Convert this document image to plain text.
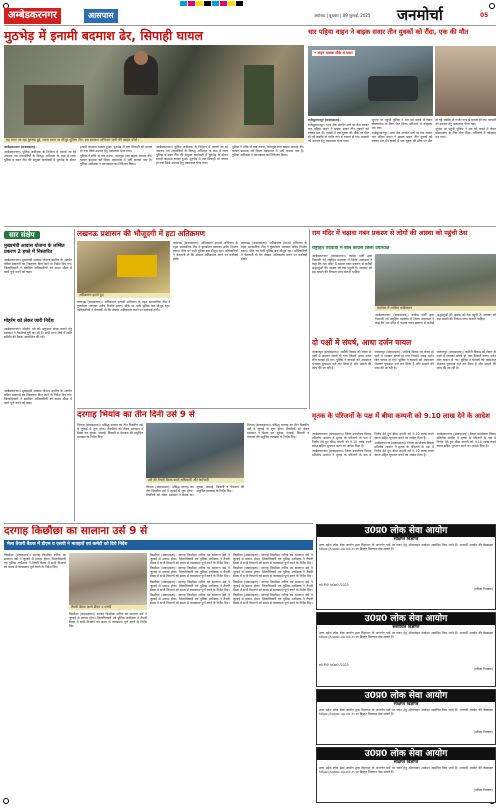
अम्बेडकरनगर	आसपास	अयोध्या | बुधवार | 09 जुलाई, 2025 जनमोर्चा	05
मुठभेड़ में इनामी बदमाश ढेर, सिपाही घायल
यह भागा जा रहा मुठभेड़ हुई, घटना स्थल पर मौजूद पुलिस टीम, इस बदमाश अभियान जारी की फाइल फोटो।

अम्बेडकरनगर (संवाददाता)।

अम्बेडकरनगर। पुलिस अधीक्षक के निर्देशन में चलाये जा रहे अपराध एवं अपराधियों के विरुद्ध अभियान के क्रम में थाना पुलिस व स्वाट टीम की संयुक्त कार्यवाही में मुठभेड़ के दौरान इनामी बदमाश घायल हुआ। मुठभेड़ में एक सिपाही भी घायल हो गया जिसे उपचार हेतु अस्पताल भेजा गया।

पुलिस ने मौके से एक तमंचा, कारतूस तथा बाइक बरामद की। घायल बदमाश को जिला अस्पताल में भर्ती कराया गया है। पुलिस अधीक्षक ने घटनास्थल का निरीक्षण किया।

अम्बेडकरनगर। पुलिस अधीक्षक के निर्देशन में चलाये जा रहे अपराध एवं अपराधियों के विरुद्ध अभियान के क्रम में थाना पुलिस व स्वाट टीम की संयुक्त कार्यवाही में मुठभेड़ के दौरान इनामी बदमाश घायल हुआ। मुठभेड़ में एक सिपाही भी घायल हो गया जिसे उपचार हेतु अस्पताल भेजा गया।

पुलिस ने मौके से एक तमंचा, कारतूस तथा बाइक बरामद की। घायल बदमाश को जिला अस्पताल में भर्ती कराया गया है। पुलिस अधीक्षक ने घटनास्थल का निरीक्षण किया।

चार पहिया वाहन ने बाइक सवार तीन युवकों को रौंदा, एक की मौत
• वाहन चालक मौके से फरार

राजेसुल्तानपुर (संवाददाता)।

राजेसुल्तानपुर। थाना क्षेत्र अंतर्गत मार्ग पर तेज रफ्तार चार पहिया वाहन ने बाइक सवार तीन युवकों को टक्कर मार दी। हादसे में एक युवक की मौके पर मौत हो गई जबकि दो गंभीर रूप से घायल हो गए। घायलों को उपचार हेतु अस्पताल भेजा गया।

सूचना पर पहुंची पुलिस ने शव को कब्जे में लेकर पोस्टमार्टम के लिए भेज दिया। परिजनों में कोहराम मच गया।

राजेसुल्तानपुर। थाना क्षेत्र अंतर्गत मार्ग पर तेज रफ्तार चार पहिया वाहन ने बाइक सवार तीन युवकों को टक्कर मार दी। हादसे में एक युवक की मौके पर मौत हो गई जबकि दो गंभीर रूप से घायल हो गए। घायलों को उपचार हेतु अस्पताल भेजा गया।

सूचना पर पहुंची पुलिस ने शव को कब्जे में लेकर पोस्टमार्टम के लिए भेज दिया। परिजनों में कोहराम मच गया।

सार संक्षेप
मुख्यमंत्री आवास योजना के लम्बित प्रकरण 2 हफ्ते में निस्तारित
अम्बेडकरनगर। मुख्यमंत्री आवास योजना ग्रामीण के अंतर्गत लंबित प्रकरणों का निस्तारण किए जाने के निर्देश दिए गए। जिलाधिकारी ने संबंधित अधिकारियों को समय सीमा में कार्य पूर्ण करने को कहा।
मोहर्रम को लेकर जारी निर्देश
अम्बेडकरनगर। मोहर्रम पर्व को सकुशल संपन्न कराने हेतु प्रशासन ने तैयारियां पूरी कर ली हैं। सभी थाना क्षेत्रों में शांति समिति की बैठक आयोजित की गई।
अम्बेडकरनगर। मुख्यमंत्री आवास योजना ग्रामीण के अंतर्गत लंबित प्रकरणों का निस्तारण किए जाने के निर्देश दिए गए। जिलाधिकारी ने संबंधित अधिकारियों को समय सीमा में कार्य पूर्ण करने को कहा।
लखनऊ प्रशासन की भौजूदगी में हटा अतिक्रमण
अतिक्रमण हटाते हुए
लखनऊ (संवाददाता)। अतिक्रमण हटाओ अभियान के तहत प्रशासनिक टीम ने बुलडोजर चलाकर अवैध निर्माण हटाए। मौके पर भारी पुलिस बल मौजूद रहा। अधिकारियों ने चेतावनी दी कि दोबारा अतिक्रमण करने पर कार्रवाई होगी।
लखनऊ (संवाददाता)। अतिक्रमण हटाओ अभियान के तहत प्रशासनिक टीम ने बुलडोजर चलाकर अवैध निर्माण हटाए। मौके पर भारी पुलिस बल मौजूद रहा। अधिकारियों ने चेतावनी दी कि दोबारा अतिक्रमण करने पर कार्रवाई होगी।
लखनऊ (संवाददाता)। अतिक्रमण हटाओ अभियान के तहत प्रशासनिक टीम ने बुलडोजर चलाकर अवैध निर्माण हटाए। मौके पर भारी पुलिस बल मौजूद रहा। अधिकारियों ने चेतावनी दी कि दोबारा अतिक्रमण करने पर कार्रवाई होगी।
राम मंदिर में चढ़ावा गबन प्रकरण से लोगों की आस्था को पहुंची ठेस
राष्ट्रहित पदयात्रा में बोले कांग्रेस जिला उपाध्यक्ष
अम्बेडकरनगर (संवाददाता)। कांग्रेस पार्टी द्वारा निकाली गई राष्ट्रहित पदयात्रा में जिला उपाध्यक्ष ने कहा कि राम मंदिर में चढ़ावा गबन प्रकरण से करोड़ों श्रद्धालुओं की आस्था को ठेस पहुंची है। सरकार को इस मामले की निष्पक्ष जांच करानी चाहिए।
पदयात्रा में शामिल कांग्रेसजन
अम्बेडकरनगर (संवाददाता)। कांग्रेस पार्टी द्वारा निकाली गई राष्ट्रहित पदयात्रा में जिला उपाध्यक्ष ने कहा कि राम मंदिर में चढ़ावा गबन प्रकरण से करोड़ों श्रद्धालुओं की आस्था को ठेस पहुंची है। सरकार को इस मामले की निष्पक्ष जांच करानी चाहिए।
दो पक्षों में संघर्ष, आधा दर्जन घायल

जलालपुर (संवाददाता)। जमीनी विवाद को लेकर दो पक्षों में जमकर संघर्ष हो गया जिसमें आधा दर्जन लोग घायल हो गए। पुलिस ने घायलों को अस्पताल भेजकर मुकदमा दर्ज कर लिया है और मामले की जांच की जा रही है।

जलालपुर (संवाददाता)। जमीनी विवाद को लेकर दो पक्षों में जमकर संघर्ष हो गया जिसमें आधा दर्जन लोग घायल हो गए। पुलिस ने घायलों को अस्पताल भेजकर मुकदमा दर्ज कर लिया है और मामले की जांच की जा रही है।

जलालपुर (संवाददाता)। जमीनी विवाद को लेकर दो पक्षों में जमकर संघर्ष हो गया जिसमें आधा दर्जन लोग घायल हो गए। पुलिस ने घायलों को अस्पताल भेजकर मुकदमा दर्ज कर लिया है और मामले की जांच की जा रही है।

दरगाह भियांव का तीन दिनी उर्स 9 से
भियांव (संवाददाता)। प्रसिद्ध दरगाह का तीन दिवसीय उर्स 9 जुलाई से शुरू होगा। तैयारियों को लेकर प्रशासन ने बैठक कर सुरक्षा, सफाई, बिजली व पेयजल की समुचित व्यवस्था के निर्देश दिए।
उर्स की तैयारी बैठक करते अधिकारी और कर्मचारी
भियांव (संवाददाता)। प्रसिद्ध दरगाह का तीन दिवसीय उर्स 9 जुलाई से शुरू होगा। तैयारियों को लेकर प्रशासन ने बैठक कर सुरक्षा, सफाई, बिजली व पेयजल की समुचित व्यवस्था के निर्देश दिए।
भियांव (संवाददाता)। प्रसिद्ध दरगाह का तीन दिवसीय उर्स 9 जुलाई से शुरू होगा। तैयारियों को लेकर प्रशासन ने बैठक कर सुरक्षा, सफाई, बिजली व पेयजल की समुचित व्यवस्था के निर्देश दिए।
मृतक के परिजनों के पक्ष में बीमा कम्पनी को 9.10 लाख देने के आदेश

अम्बेडकरनगर (संवाददाता)। जिला उपभोक्ता विवाद प्रतितोष आयोग ने मृतक के परिजनों के पक्ष में निर्णय देते हुए बीमा कंपनी को 9.10 लाख रुपये ब्याज सहित भुगतान करने का आदेश दिया है।

अम्बेडकरनगर (संवाददाता)। जिला उपभोक्ता विवाद प्रतितोष आयोग ने मृतक के परिजनों के पक्ष में निर्णय देते हुए बीमा कंपनी को 9.10 लाख रुपये ब्याज सहित भुगतान करने का आदेश दिया है।

अम्बेडकरनगर (संवाददाता)। जिला उपभोक्ता विवाद प्रतितोष आयोग ने मृतक के परिजनों के पक्ष में निर्णय देते हुए बीमा कंपनी को 9.10 लाख रुपये ब्याज सहित भुगतान करने का आदेश दिया है।

अम्बेडकरनगर (संवाददाता)। जिला उपभोक्ता विवाद प्रतितोष आयोग ने मृतक के परिजनों के पक्ष में निर्णय देते हुए बीमा कंपनी को 9.10 लाख रुपये ब्याज सहित भुगतान करने का आदेश दिया है।

दरगाह किछौछा का सालाना उर्स 9 से
मेला तैयारी बैठक में डीएम व एसपी ने मातहतों एवं कमेटी को दिये निर्देश
किछौछा (संवाददाता)। दरगाह किछौछा शरीफ का सालाना उर्स 9 जुलाई से प्रारम्भ होगा। जिलाधिकारी एवं पुलिस अधीक्षक ने तैयारी बैठक में सभी विभागों को समय से व्यवस्थाएं पूर्ण करने के निर्देश दिए।
तैयारी बैठक करते डीएम व एसपी
किछौछा (संवाददाता)। दरगाह किछौछा शरीफ का सालाना उर्स 9 जुलाई से प्रारम्भ होगा। जिलाधिकारी एवं पुलिस अधीक्षक ने तैयारी बैठक में सभी विभागों को समय से व्यवस्थाएं पूर्ण करने के निर्देश दिए।

किछौछा (संवाददाता)। दरगाह किछौछा शरीफ का सालाना उर्स 9 जुलाई से प्रारम्भ होगा। जिलाधिकारी एवं पुलिस अधीक्षक ने तैयारी बैठक में सभी विभागों को समय से व्यवस्थाएं पूर्ण करने के निर्देश दिए।

किछौछा (संवाददाता)। दरगाह किछौछा शरीफ का सालाना उर्स 9 जुलाई से प्रारम्भ होगा। जिलाधिकारी एवं पुलिस अधीक्षक ने तैयारी बैठक में सभी विभागों को समय से व्यवस्थाएं पूर्ण करने के निर्देश दिए।

किछौछा (संवाददाता)। दरगाह किछौछा शरीफ का सालाना उर्स 9 जुलाई से प्रारम्भ होगा। जिलाधिकारी एवं पुलिस अधीक्षक ने तैयारी बैठक में सभी विभागों को समय से व्यवस्थाएं पूर्ण करने के निर्देश दिए।

किछौछा (संवाददाता)। दरगाह किछौछा शरीफ का सालाना उर्स 9 जुलाई से प्रारम्भ होगा। जिलाधिकारी एवं पुलिस अधीक्षक ने तैयारी बैठक में सभी विभागों को समय से व्यवस्थाएं पूर्ण करने के निर्देश दिए।

किछौछा (संवाददाता)। दरगाह किछौछा शरीफ का सालाना उर्स 9 जुलाई से प्रारम्भ होगा। जिलाधिकारी एवं पुलिस अधीक्षक ने तैयारी बैठक में सभी विभागों को समय से व्यवस्थाएं पूर्ण करने के निर्देश दिए।

किछौछा (संवाददाता)। दरगाह किछौछा शरीफ का सालाना उर्स 9 जुलाई से प्रारम्भ होगा। जिलाधिकारी एवं पुलिस अधीक्षक ने तैयारी बैठक में सभी विभागों को समय से व्यवस्थाएं पूर्ण करने के निर्देश दिए।

किछौछा (संवाददाता)। दरगाह किछौछा शरीफ का सालाना उर्स 9 जुलाई से प्रारम्भ होगा। जिलाधिकारी एवं पुलिस अधीक्षक ने तैयारी बैठक में सभी विभागों को समय से व्यवस्थाएं पूर्ण करने के निर्देश दिए।

किछौछा (संवाददाता)। दरगाह किछौछा शरीफ का सालाना उर्स 9 जुलाई से प्रारम्भ होगा। जिलाधिकारी एवं पुलिस अधीक्षक ने तैयारी बैठक में सभी विभागों को समय से व्यवस्थाएं पूर्ण करने के निर्देश दिए।

उ0प्र0 लोक सेवा आयोग
संक्षिप्त विज्ञप्ति
उत्तर प्रदेश लोक सेवा आयोग द्वारा विज्ञापन के अन्तर्गत पदों पर चयन हेतु ऑनलाइन आवेदन आमंत्रित किए जाते हैं। अभ्यर्थी आयोग की वेबसाइट https://uppsc.up.nic.in पर विस्तृत विज्ञापन देख सकते हैं।
रा0 नि0 /उ0प्र0 /2025
(परीक्षा नियंत्रक)
उ0प्र0 लोक सेवा आयोग
संशोधित विज्ञप्ति
उत्तर प्रदेश लोक सेवा आयोग द्वारा विज्ञापन के अन्तर्गत पदों पर चयन हेतु ऑनलाइन आवेदन आमंत्रित किए जाते हैं। अभ्यर्थी आयोग की वेबसाइट https://uppsc.up.nic.in पर विस्तृत विज्ञापन देख सकते हैं।
रा0 नि0 /उ0प्र0 /2025
(परीक्षा नियंत्रक)
उ0प्र0 लोक सेवा आयोग
संक्षिप्त विज्ञप्ति
उत्तर प्रदेश लोक सेवा आयोग द्वारा विज्ञापन के अन्तर्गत पदों पर चयन हेतु ऑनलाइन आवेदन आमंत्रित किए जाते हैं। अभ्यर्थी आयोग की वेबसाइट https://uppsc.up.nic.in पर विस्तृत विज्ञापन देख सकते हैं।
(परीक्षा नियंत्रक)
उ0प्र0 लोक सेवा आयोग
संक्षिप्त विज्ञप्ति
उत्तर प्रदेश लोक सेवा आयोग द्वारा विज्ञापन के अन्तर्गत पदों पर चयन हेतु ऑनलाइन आवेदन आमंत्रित किए जाते हैं। अभ्यर्थी आयोग की वेबसाइट https://uppsc.up.nic.in पर विस्तृत विज्ञापन देख सकते हैं।
(परीक्षा नियंत्रक)
